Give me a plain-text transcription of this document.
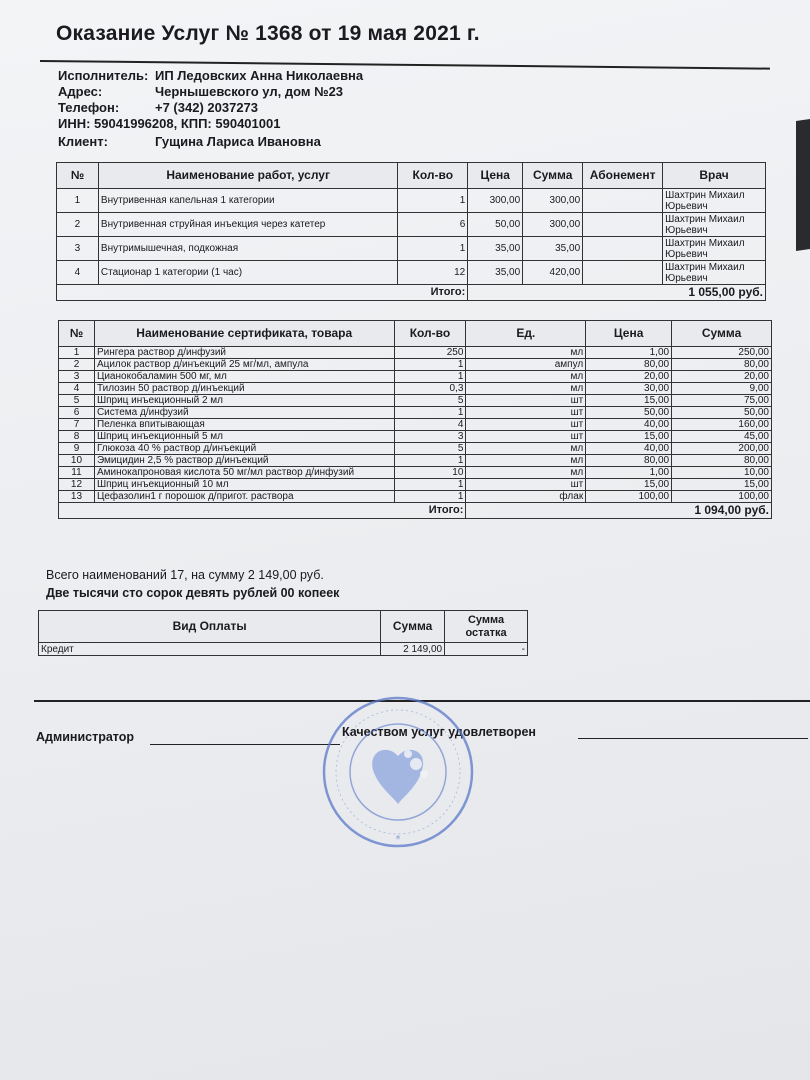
Оказание Услуг № 1368 от 19 мая 2021 г.
Исполнитель: ИП Ледовских Анна Николаевна
Адрес:	Чернышевского ул, дом №23
Телефон:	+7 (342) 2037273
ИНН: 59041996208, КПП: 590401001
Клиент:	Гущина Лариса Ивановна
№	Наименование работ, услуг	Кол-во	Цена	Сумма	Абонемент	Врач
1	Внутривенная капельная 1 категории	1	300,00	300,00		Шахтрин Михаил Юрьевич
2	Внутривенная струйная инъекция через катетер	6	50,00	300,00		Шахтрин Михаил Юрьевич
3	Внутримышечная, подкожная	1	35,00	35,00		Шахтрин Михаил Юрьевич
4	Стационар 1 категории (1 час)	12	35,00	420,00		Шахтрин Михаил Юрьевич
Итого:			1 055,00 руб.			
№	Наименование сертификата, товара	Кол-во	Ед.	Цена	Сумма
1	Рингера раствор д/инфузий	250	мл	1,00	250,00
2	Ацилок раствор д/инъекций 25 мг/мл, ампула	1	ампул	80,00	80,00
3	Цианокобаламин 500 мг, мл	1	мл	20,00	20,00
4	Тилозин 50 раствор д/инъекций	0,3	мл	30,00	9,00
5	Шприц инъекционный 2 мл	5	шт	15,00	75,00
6	Система д/инфузий	1	шт	50,00	50,00
7	Пеленка впитывающая	4	шт	40,00	160,00
8	Шприц инъекционный 5 мл	3	шт	15,00	45,00
9	Глюкоза 40 % раствор д/инъекций	5	мл	40,00	200,00
10	Эмицидин 2,5 % раствор д/инъекций	1	мл	80,00	80,00
11	Аминокапроновая кислота 50 мг/мл раствор д/инфузий	10	мл	1,00	10,00
12	Шприц инъекционный 10 мл	1	шт	15,00	15,00
13	Цефазолин1 г порошок д/пригот. раствора	1	флак	100,00	100,00
Итого:			1 094,00 руб.		
Всего наименований 17, на сумму 2 149,00 руб.
Две тысячи сто сорок девять рублей 00 копеек
Вид Оплаты	Сумма	Сумма остатка
Кредит	2 149,00	-
Администратор	Качеством услуг удовлетворен
*
